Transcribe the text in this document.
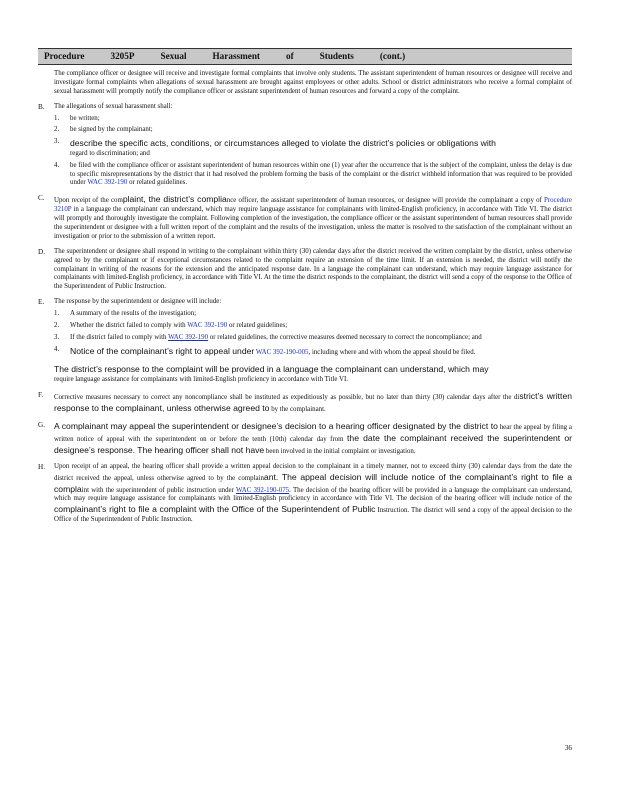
Procedure	3205P	Sexual	Harassment	of	Students	(cont.)
The compliance officer or designee will receive and investigate formal complaints that involve only students. The assistant superintendent of human resources or designee will receive and investigate formal complaints when allegations of sexual harassment are brought against employees or other adults. School or district administrators who receive a formal complaint of sexual harassment will promptly notify the compliance officer or assistant superintendent of human resources and forward a copy of the complaint.
B. The allegations of sexual harassment shall:
1. be written;
2. be signed by the complainant;
3. describe the specific acts, conditions, or circumstances alleged to violate the district’s policies or obligations with
regard to discrimination; and
4. be filed with the compliance officer or assistant superintendent of human resources within one (1) year after the occurrence that is the subject of the complaint, unless the delay is due to specific misrepresentations by the district that it had resolved the problem forming the basis of the complaint or the district withheld information that was required to be provided under WAC 392-190 or related guidelines.
C. Upon receipt of the complaint, the district’s compliance officer, the assistant superintendent of human resources, or designee will provide the complainant a copy of Procedure 3210P in a language the complainant can understand, which may require language assistance for complainants with limited-English proficiency, in accordance with Title VI. The district will promptly and thoroughly investigate the complaint. Following completion of the investigation, the compliance officer or the assistant superintendent of human resources shall provide the superintendent or designee with a full written report of the complaint and the results of the investigation, unless the matter is resolved to the satisfaction of the complainant without an investigation or prior to the submission of a written report.
D. The superintendent or designee shall respond in writing to the complainant within thirty (30) calendar days after the district received the written complaint by the district, unless otherwise agreed to by the complainant or if exceptional circumstances related to the complaint require an extension of the time limit. If an extension is needed, the district will notify the complainant in writing of the reasons for the extension and the anticipated response date. In a language the complainant can understand, which may require language assistance for complainants with limited-English proficiency, in accordance with Title VI. At the time the district responds to the complainant, the district will send a copy of the response to the Office of the Superintendent of Public Instruction.
E. The response by the superintendent or designee will include:
1. A summary of the results of the investigation;
2. Whether the district failed to comply with WAC 392-190 or related guidelines;
3. If the district failed to comply with WAC 392-190 or related guidelines, the corrective measures deemed necessary to correct the noncompliance; and
4. Notice of the complainant’s right to appeal under WAC 392-190-005, including where and with whom the appeal should be filed.
The district’s response to the complaint will be provided in a language the complainant can understand, which may
require language assistance for complainants with limited-English proficiency in accordance with Title VI.
F. Corrective measures necessary to correct any noncompliance shall be instituted as expeditiously as possible, but no later than thirty (30) calendar days after the district’s written response to the complainant, unless otherwise agreed to by the complainant.
G. A complainant may appeal the superintendent or designee’s decision to a hearing officer designated by the district to hear the appeal by filing a written notice of appeal with the superintendent on or before the tenth (10th) calendar day from the date the complainant received the superintendent or designee’s response. The hearing officer shall not have been involved in the initial complaint or investigation.
H. Upon receipt of an appeal, the hearing officer shall provide a written appeal decision to the complainant in a timely manner, not to exceed thirty (30) calendar days from the date the district received the appeal, unless otherwise agreed to by the complainant. The appeal decision will include notice of the complainant’s right to file a complaint with the superintendent of public instruction under WAC 392-190-075. The decision of the hearing officer will be provided in a language the complainant can understand, which may require language assistance for complainants with limited-English proficiency in accordance with Title VI. The decision of the hearing officer will include notice of the complainant’s right to file a complaint with the Office of the Superintendent of Public Instruction. The district will send a copy of the appeal decision to the Office of the Superintendent of Public Instruction.
36
